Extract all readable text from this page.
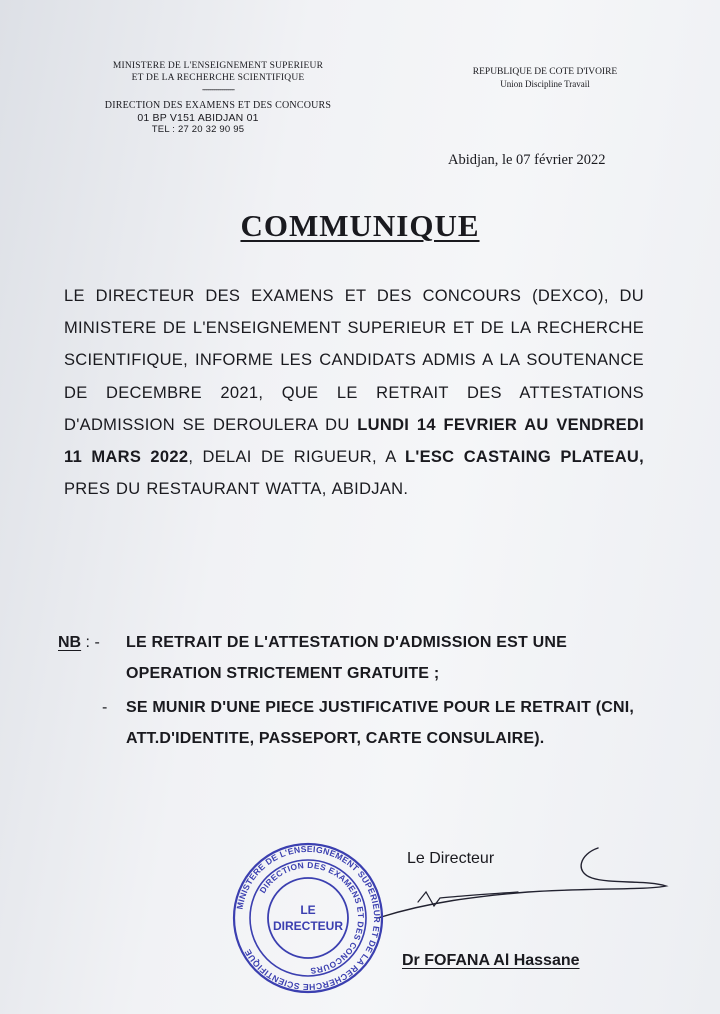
MINISTERE DE L'ENSEIGNEMENT SUPERIEUR
ET DE LA RECHERCHE SCIENTIFIQUE
----------------
DIRECTION DES EXAMENS ET DES CONCOURS
01 BP V151 ABIDJAN 01
TEL : 27 20 32 90 95
REPUBLIQUE DE COTE D'IVOIRE
Union Discipline Travail
Abidjan, le 07 février 2022
COMMUNIQUE
LE DIRECTEUR DES EXAMENS ET DES CONCOURS (DEXCO), DU MINISTERE DE L'ENSEIGNEMENT SUPERIEUR ET DE LA RECHERCHE SCIENTIFIQUE, INFORME LES CANDIDATS ADMIS A LA SOUTENANCE DE DECEMBRE 2021, QUE LE RETRAIT DES ATTESTATIONS D'ADMISSION SE DEROULERA DU LUNDI 14 FEVRIER AU VENDREDI 11 MARS 2022, DELAI DE RIGUEUR, A L'ESC CASTAING PLATEAU, PRES DU RESTAURANT WATTA, ABIDJAN.
NB : - LE RETRAIT DE L'ATTESTATION D'ADMISSION EST UNE OPERATION STRICTEMENT GRATUITE ;

- SE MUNIR D'UNE PIECE JUSTIFICATIVE POUR LE RETRAIT (CNI, ATT.D'IDENTITE, PASSEPORT, CARTE CONSULAIRE).

Le Directeur
MINISTERE DE L'ENSEIGNEMENT SUPERIEUR ET DE LA RECHERCHE SCIENTIFIQUE
DIRECTION DES EXAMENS ET DES CONCOURS
LE
DIRECTEUR
Dr FOFANA Al Hassane
